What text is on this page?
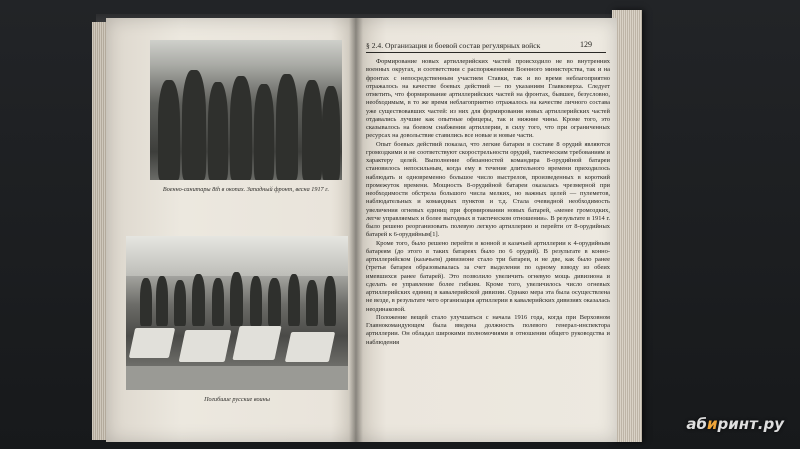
Военно-санитары 8th в окопах. Западный фронт, весна 1917 г.
Погибшие русские воины
§ 2.4. Организация и боевой состав регулярных войск	129

Формирование новых артиллерийских частей происходило не во внутренних военных округах, и соответствии с распоряжениями Военного министерства, так и на фронтах с непосредственным участием Ставки, так и во время неблагоприятно отражалось на качестве боевых действий — по указаниям Главковерха. Следует отметить, что формирование артиллерийских частей на фронтах, бывшее, безусловно, необходимым, в то же время неблагоприятно отражалось на качестве личного состава уже существовавших частей: из них для формирования новых артиллерийских частей отдавались лучшие как опытные офицеры, так и нижние чины. Кроме того, это сказывалось на боевом снабжении артиллерии, в силу того, что при ограниченных ресурсах на довольствие ставились все новые и новые части.

Опыт боевых действий показал, что легкие батареи в составе 8 орудий являются громоздкими и не соответствуют скорострельности орудий, тактическим требованиям и характеру целей. Выполнение обязанностей командира 8-орудийной батареи становилось непосильным, когда ему в течение длительного времени приходилось наблюдать и одновременно большое число выстрелов, произведенных в короткий промежуток времени. Мощность 8-орудийной батареи оказалась чрезмерной при необходимости обстрела большого числа мелких, но важных целей — пулеметов, наблюдательных и командных пунктов и т.д. Стала очевидной необходимость увеличения огневых единиц при формировании новых батарей, «менее громоздких, легче управляемых и более выгодных в тактическом отношении». В результате в 1914 г. было решено реорганизовать полевую легкую артиллерию и перейти от 8-орудийных батарей к 6-орудийным[1].

Кроме того, было решено перейти в конной и казачьей артиллерии к 4-орудийным батареям (до этого в таких батареях было по 6 орудий). В результате в конно-артиллерийском (казачьем) дивизионе стало три батареи, и не две, как было ранее (третья батарея образовывалась за счет выделения по одному взводу из обеих имевшихся ранее батарей). Это позволило увеличить огневую мощь дивизиона и сделать ее управление более гибким. Кроме того, увеличилось число огневых артиллерийских единиц в кавалерийской дивизии. Однако мера эта была осуществлена не везде, в результате чего организация артиллерии в кавалерийских дивизиях оказалась неодинаковой.

Положение вещей стало улучшаться с начала 1916 года, когда при Верховном Главнокомандующем была введена должность полевого генерал-инспектора артиллерии. Он обладал широкими полномочиями в отношении общего руководства и наблюдения

абиринт.ру
